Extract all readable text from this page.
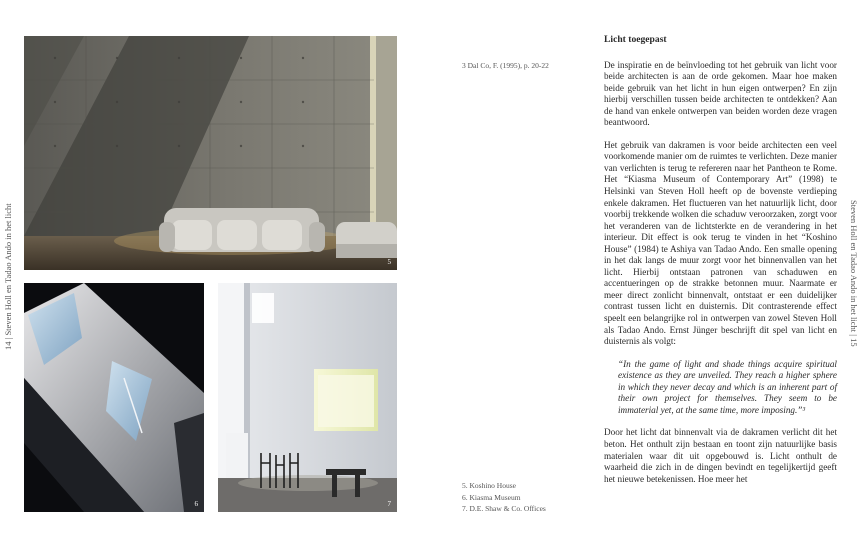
14 | Steven Holl en Tadao Ando in het licht	Steven Holl en Tadao Ando in het licht | 15
5
6	7
3 Dal Co, F. (1995), p. 20-22
5. Koshino House
6. Kiasma Museum
7. D.E. Shaw & Co. Offices
Licht toegepast

De inspiratie en de beïnvloeding tot het gebruik van licht voor beide architecten is aan de orde gekomen. Maar hoe maken beide gebruik van het licht in hun eigen ontwerpen? En zijn hierbij verschillen tussen beide architecten te ontdekken? Aan de hand van enkele ontwerpen van beiden worden deze vragen beantwoord.

Het gebruik van dakramen is voor beide architecten een veel voorkomende manier om de ruimtes te verlichten. Deze manier van verlichten is terug te refereren naar het Pantheon te Rome. Het “Kiasma Museum of Contemporary Art” (1998) te Helsinki van Steven Holl heeft op de bovenste verdieping enkele dakramen. Het fluctueren van het natuurlijk licht, door voorbij trekkende wolken die schaduw veroorzaken, zorgt voor het veranderen van de lichtsterkte en de verandering in het interieur. Dit effect is ook terug te vinden in het “Koshino House” (1984) te Ashiya van Tadao Ando. Een smalle opening in het dak langs de muur zorgt voor het binnenvallen van het licht. Hierbij ontstaan patronen van schaduwen en accentueringen op de strakke betonnen muur. Naarmate er meer direct zonlicht binnenvalt, ontstaat er een duidelijker contrast tussen licht en duisternis. Dit contrasterende effect speelt een belangrijke rol in ontwerpen van zowel Steven Holl als Tadao Ando. Ernst Jünger beschrijft dit spel van licht en duisternis als volgt:

“In the game of light and shade things acquire spiritual existence as they are unveiled. They reach a higher sphere in which they never decay and which is an inherent part of their own project for themselves. They seem to be immaterial yet, at the same time, more imposing.”³

Door het licht dat binnenvalt via de dakramen verlicht dit het beton. Het onthult zijn bestaan en toont zijn natuurlijke basis materialen waar dit uit opgebouwd is. Licht onthult de waarheid die zich in de dingen bevindt en tegelijkertijd geeft het nieuwe betekenissen. Hoe meer het
